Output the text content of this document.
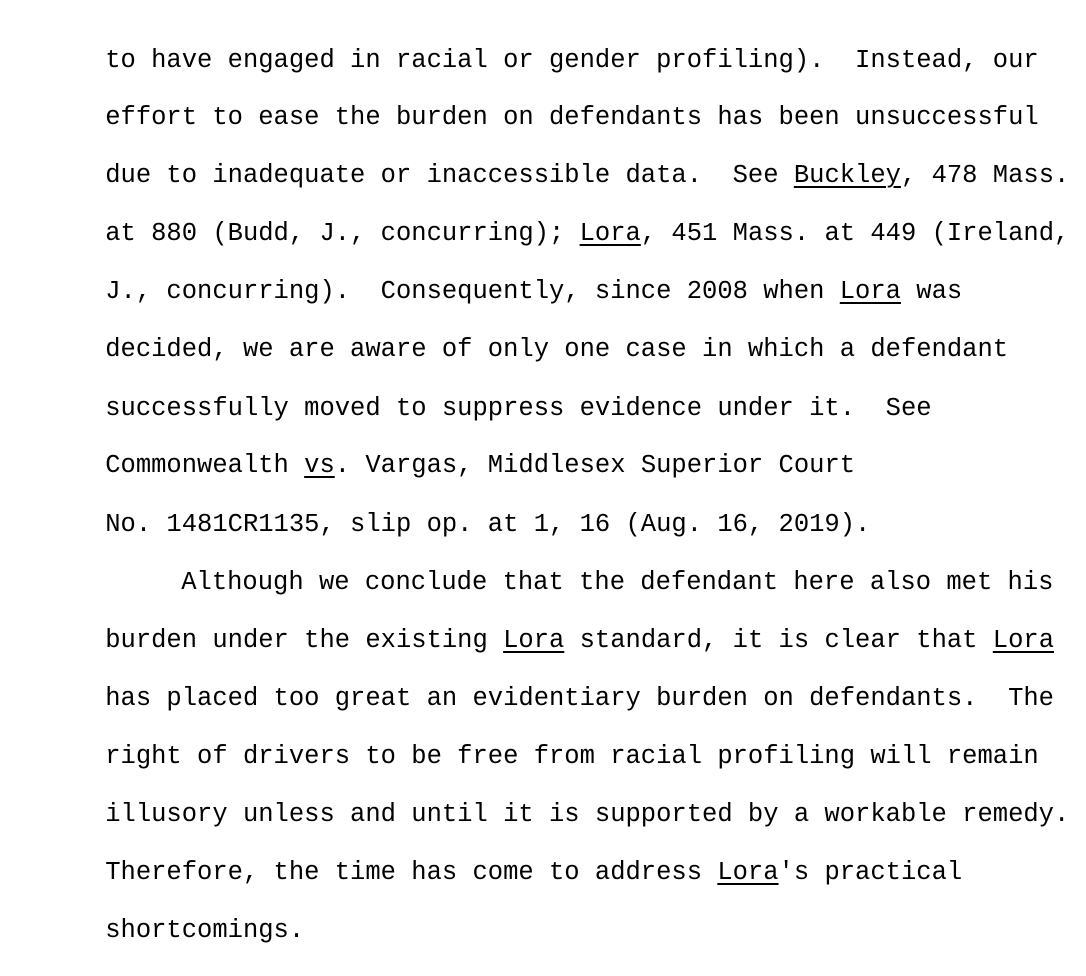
to have engaged in racial or gender profiling).  Instead, our

effort to ease the burden on defendants has been unsuccessful

due to inadequate or inaccessible data.  See Buckley, 478 Mass.

at 880 (Budd, J., concurring); Lora, 451 Mass. at 449 (Ireland,

J., concurring).  Consequently, since 2008 when Lora was

decided, we are aware of only one case in which a defendant

successfully moved to suppress evidence under it.  See

Commonwealth vs. Vargas, Middlesex Superior Court

No. 1481CR1135, slip op. at 1, 16 (Aug. 16, 2019).

Although we conclude that the defendant here also met his

burden under the existing Lora standard, it is clear that Lora

has placed too great an evidentiary burden on defendants.  The

right of drivers to be free from racial profiling will remain

illusory unless and until it is supported by a workable remedy.

Therefore, the time has come to address Lora's practical

shortcomings.
